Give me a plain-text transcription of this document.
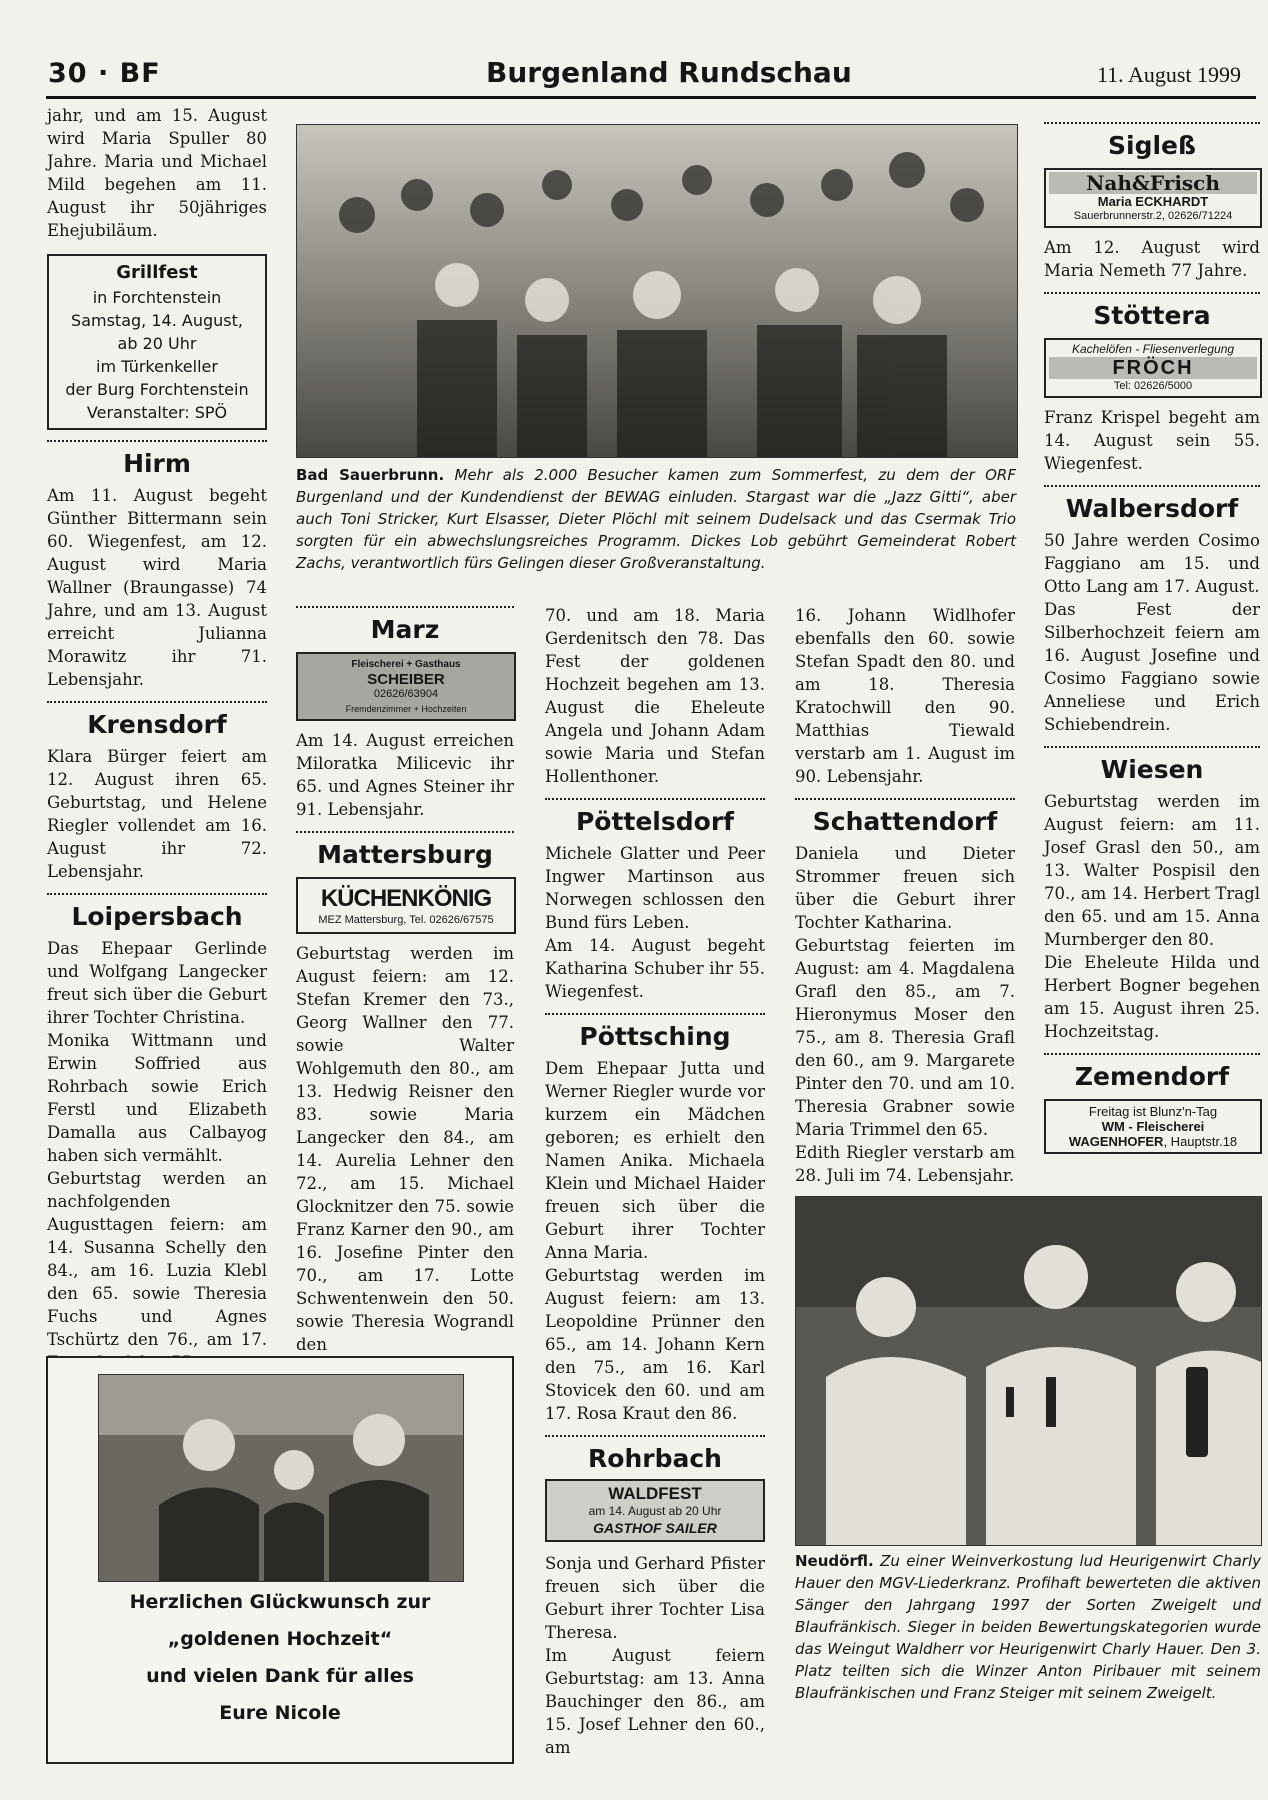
30 · BF	Burgenland Rundschau	11. August 1999

jahr, und am 15. August wird Maria Spuller 80 Jahre. Maria und Michael Mild begehen am 11. August ihr 50jähriges Ehejubiläum.

Grillfest
in Forchtenstein
Samstag, 14. August,
ab 20 Uhr
im Türkenkeller
der Burg Forchtenstein
Veranstalter: SPÖ
Hirm

Am 11. August begeht Günther Bittermann sein 60. Wiegenfest, am 12. August wird Maria Wallner (Braungasse) 74 Jahre, und am 13. August erreicht Julianna Morawitz ihr 71. Lebensjahr.

Krensdorf

Klara Bürger feiert am 12. August ihren 65. Geburtstag, und Helene Riegler vollendet am 16. August ihr 72. Lebensjahr.

Loipersbach

Das Ehepaar Gerlinde und Wolfgang Langecker freut sich über die Geburt ihrer Tochter Christina.

Monika Wittmann und Erwin Soffried aus Rohrbach sowie Erich Ferstl und Elizabeth Damalla aus Calbayog haben sich vermählt.

Geburtstag werden an nachfolgenden Augusttagen feiern: am 14. Susanna Schelly den 84., am 16. Luzia Klebl den 65. sowie Theresia Fuchs und Agnes Tschürtz den 76., am 17.

Bad Sauerbrunn. Mehr als 2.000 Besucher kamen zum Sommerfest, zu dem der ORF Burgenland und der Kundendienst der BEWAG einluden. Stargast war die „Jazz Gitti“, aber auch Toni Stricker, Kurt Elsasser, Dieter Plöchl mit seinem Dudelsack und das Csermak Trio sorgten für ein abwechslungsreiches Programm. Dickes Lob gebührt Gemeinderat Robert Zachs, verantwortlich fürs Gelingen dieser Großveranstaltung.
Marz
Fleischerei + Gasthaus
SCHEIBER
02626/63904
Fremdenzimmer + Hochzeiten

Am 14. August erreichen Miloratka Milicevic ihr 65. und Agnes Steiner ihr 91. Lebensjahr.

Mattersburg
KÜCHENKÖNIG
MEZ Mattersburg, Tel. 02626/67575

Geburtstag werden im August feiern: am 12. Stefan Kremer den 73., Georg Wallner den 77. sowie Walter Wohlgemuth den 80., am 13. Hedwig Reisner den 83. sowie Maria Langecker den 84., am 14. Aurelia Lehner den 72., am 15. Michael Glocknitzer den 75. sowie Franz Karner den 90., am 16. Josefine Pinter den 70., am 17. Lotte Schwentenwein den 50. sowie Theresia Wograndl den

70. und am 18. Maria Gerdenitsch den 78. Das Fest der goldenen Hochzeit begehen am 13. August die Eheleute Angela und Johann Adam sowie Maria und Stefan Hollenthoner.

Pöttelsdorf

Michele Glatter und Peer Ingwer Martinson aus Norwegen schlossen den Bund fürs Leben.

Am 14. August begeht Katharina Schuber ihr 55. Wiegenfest.

Pöttsching

Dem Ehepaar Jutta und Werner Riegler wurde vor kurzem ein Mädchen geboren; es erhielt den Namen Anika. Michaela Klein und Michael Haider freuen sich über die Geburt ihrer Tochter Anna Maria.

Geburtstag werden im August feiern: am 13. Leopoldine Prünner den 65., am 14. Johann Kern den 75., am 16. Karl Stovicek den 60. und am 17. Rosa Kraut den 86.

Rohrbach
WALDFEST
am 14. August ab 20 Uhr
GASTHOF SAILER

Sonja und Gerhard Pfister freuen sich über die Geburt ihrer Tochter Lisa Theresa.

Im August feiern Geburtstag: am 13. Anna Bauchinger den 86., am 15. Josef Lehner den 60., am

16. Johann Widlhofer ebenfalls den 60. sowie Stefan Spadt den 80. und am 18. Theresia Kratochwill den 90. Matthias Tiewald verstarb am 1. August im 90. Lebensjahr.

Schattendorf

Daniela und Dieter Strommer freuen sich über die Geburt ihrer Tochter Katharina.

Geburtstag feierten im August: am 4. Magdalena Grafl den 85., am 7. Hieronymus Moser den 75., am 8. Theresia Grafl den 60., am 9. Margarete Pinter den 70. und am 10. Theresia Grabner sowie Maria Trimmel den 65.

Edith Riegler verstarb am 28. Juli im 74. Lebensjahr.

Sigleß
Nah&Frisch
Maria ECKHARDT
Sauerbrunnerstr.2, 02626/71224

Am 12. August wird Maria Nemeth 77 Jahre.

Stöttera
Kachelöfen - Fliesenverlegung
FRÖCH
Tel: 02626/5000

Franz Krispel begeht am 14. August sein 55. Wiegenfest.

Walbersdorf

50 Jahre werden Cosimo Faggiano am 15. und Otto Lang am 17. August.

Das Fest der Silberhochzeit feiern am 16. August Josefine und Cosimo Faggiano sowie Anneliese und Erich Schiebendrein.

Wiesen

Geburtstag werden im August feiern: am 11. Josef Grasl den 50., am 13. Walter Pospisil den 70., am 14. Herbert Tragl den 65. und am 15. Anna Murnberger den 80.

Die Eheleute Hilda und Herbert Bogner begehen am 15. August ihren 25. Hochzeitstag.

Zemendorf
Freitag ist Blunz'n-Tag
WM - Fleischerei
WAGENHOFER, Hauptstr.18
Neudörfl. Zu einer Weinverkostung lud Heurigenwirt Charly Hauer den MGV-Liederkranz. Profihaft bewerteten die aktiven Sänger den Jahrgang 1997 der Sorten Zweigelt und Blaufränkisch. Sieger in beiden Bewertungskategorien wurde das Weingut Waldherr vor Heurigenwirt Charly Hauer. Den 3. Platz teilten sich die Winzer Anton Piribauer mit seinem Blaufränkischen und Franz Steiger mit seinem Zweigelt.
Herzlichen Glückwunsch zur
„goldenen Hochzeit“
und vielen Dank für alles
Eure Nicole
